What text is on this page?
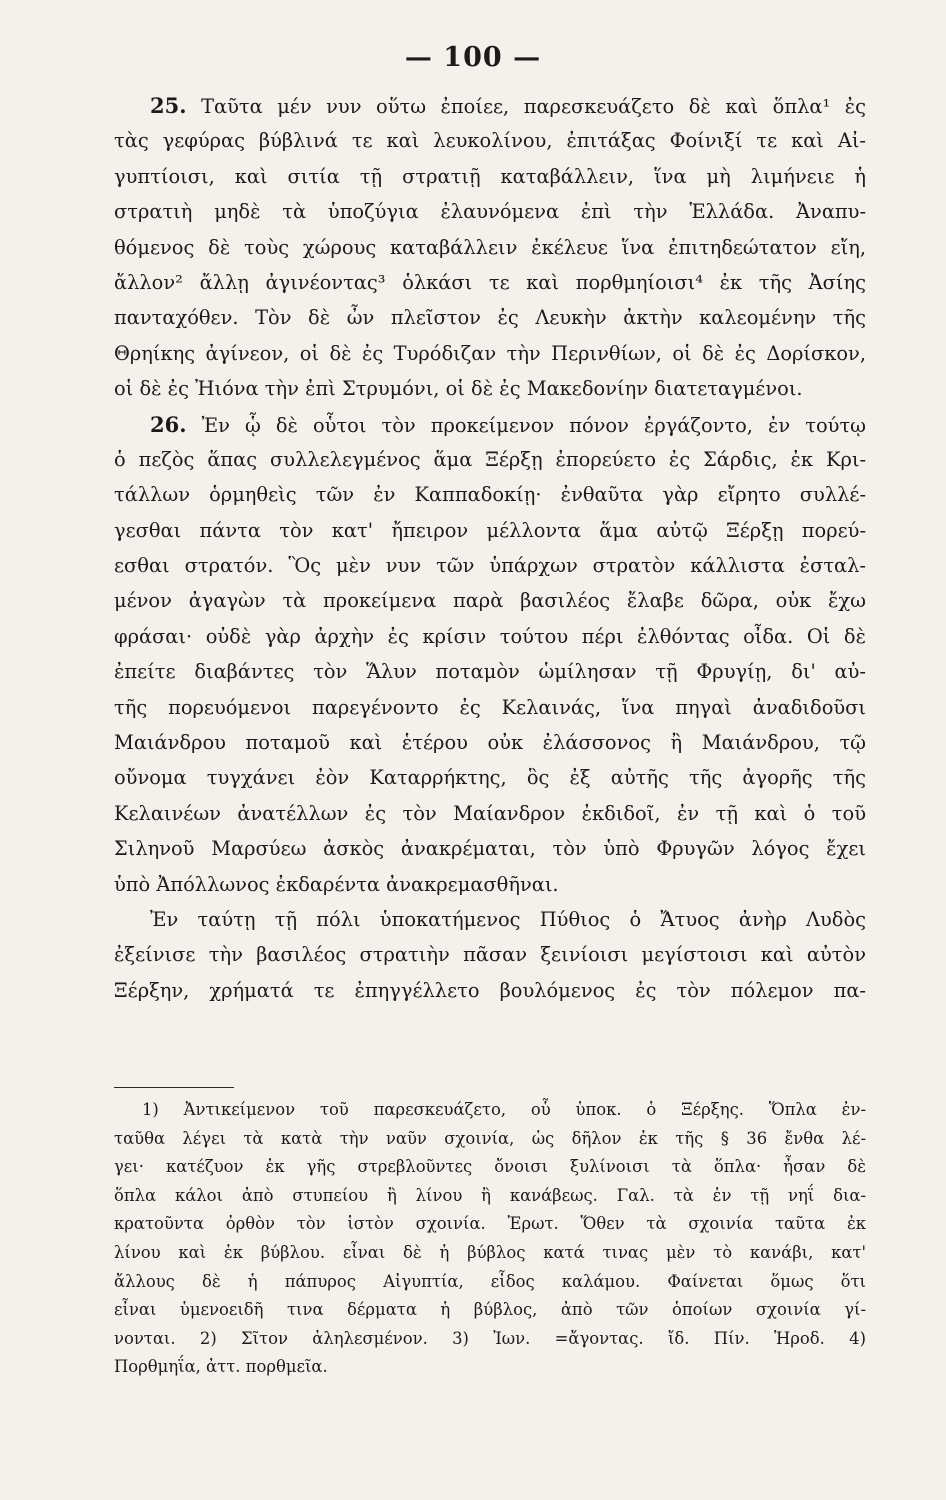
— 100 —
25. Ταῦτα μέν νυν οὕτω ἐποίεε, παρεσκευάζετο δὲ καὶ ὅπλα¹ ἐς
τὰς γεφύρας βύβλινά τε καὶ λευκολίνου, ἐπιτάξας Φοίνιξί τε καὶ Αἰ-
γυπτίοισι, καὶ σιτία τῇ στρατιῇ καταβάλλειν, ἵνα μὴ λιμήνειε ἡ
στρατιὴ μηδὲ τὰ ὑποζύγια ἐλαυνόμενα ἐπὶ τὴν Ἑλλάδα. Ἀναπυ-
θόμενος δὲ τοὺς χώρους καταβάλλειν ἐκέλευε ἵνα ἐπιτηδεώτατον εἴη,
ἄλλον² ἄλλῃ ἀγινέοντας³ ὁλκάσι τε καὶ πορθμηίοισι⁴ ἐκ τῆς Ἀσίης
πανταχόθεν. Τὸν δὲ ὦν πλεῖστον ἐς Λευκὴν ἀκτὴν καλεομένην τῆς
Θρηίκης ἀγίνεον, οἱ δὲ ἐς Τυρόδιζαν τὴν Περινθίων, οἱ δὲ ἐς Δορίσκον,
οἱ δὲ ἐς Ἠιόνα τὴν ἐπὶ Στρυμόνι, οἱ δὲ ἐς Μακεδονίην διατεταγμένοι.
26. Ἐν ᾧ δὲ οὗτοι τὸν προκείμενον πόνον ἐργάζοντο, ἐν τούτῳ
ὁ πεζὸς ἅπας συλλελεγμένος ἅμα Ξέρξῃ ἐπορεύετο ἐς Σάρδις, ἐκ Κρι-
τάλλων ὁρμηθεὶς τῶν ἐν Καππαδοκίῃ· ἐνθαῦτα γὰρ εἴρητο συλλέ-
γεσθαι πάντα τὸν κατ' ἤπειρον μέλλοντα ἅμα αὐτῷ Ξέρξῃ πορεύ-
εσθαι στρατόν. Ὃς μὲν νυν τῶν ὑπάρχων στρατὸν κάλλιστα ἐσταλ-
μένον ἀγαγὼν τὰ προκείμενα παρὰ βασιλέος ἔλαβε δῶρα, οὐκ ἔχω
φράσαι· οὐδὲ γὰρ ἀρχὴν ἐς κρίσιν τούτου πέρι ἐλθόντας οἶδα. Οἱ δὲ
ἐπείτε διαβάντες τὸν Ἅλυν ποταμὸν ὡμίλησαν τῇ Φρυγίῃ, δι' αὐ-
τῆς πορευόμενοι παρεγένοντο ἐς Κελαινάς, ἵνα πηγαὶ ἀναδιδοῦσι
Μαιάνδρου ποταμοῦ καὶ ἑτέρου οὐκ ἐλάσσονος ἢ Μαιάνδρου, τῷ
οὔνομα τυγχάνει ἐὸν Καταρρήκτης, ὃς ἐξ αὐτῆς τῆς ἀγορῆς τῆς
Κελαινέων ἀνατέλλων ἐς τὸν Μαίανδρον ἐκδιδοῖ, ἐν τῇ καὶ ὁ τοῦ
Σιληνοῦ Μαρσύεω ἀσκὸς ἀνακρέμαται, τὸν ὑπὸ Φρυγῶν λόγος ἔχει
ὑπὸ Ἀπόλλωνος ἐκδαρέντα ἀνακρεμασθῆναι.
Ἐν ταύτῃ τῇ πόλι ὑποκατήμενος Πύθιος ὁ Ἄτυος ἀνὴρ Λυδὸς
ἐξείνισε τὴν βασιλέος στρατιὴν πᾶσαν ξεινίοισι μεγίστοισι καὶ αὐτὸν
Ξέρξην, χρήματά τε ἐπηγγέλλετο βουλόμενος ἐς τὸν πόλεμον πα-
1) Ἀντικείμενον τοῦ παρεσκευάζετο, οὗ ὑποκ. ὁ Ξέρξης. Ὅπλα ἐν-
ταῦθα λέγει τὰ κατὰ τὴν ναῦν σχοινία, ὡς δῆλον ἐκ τῆς § 36 ἔνθα λέ-
γει· κατέζυον ἐκ γῆς στρεβλοῦντες ὄνοισι ξυλίνοισι τὰ ὅπλα· ἦσαν δὲ
ὅπλα κάλοι ἀπὸ στυπείου ἢ λίνου ἢ κανάβεως. Γαλ. τὰ ἐν τῇ νηΐ δια-
κρατοῦντα ὀρθὸν τὸν ἱστὸν σχοινία. Ἐρωτ. Ὅθεν τὰ σχοινία ταῦτα ἐκ
λίνου καὶ ἐκ βύβλου. εἶναι δὲ ἡ βύβλος κατά τινας μὲν τὸ κανάβι, κατ'
ἄλλους δὲ ἡ πάπυρος Αἰγυπτία, εἶδος καλάμου. Φαίνεται ὅμως ὅτι
εἶναι ὑμενοειδῆ τινα δέρματα ἡ βύβλος, ἀπὸ τῶν ὁποίων σχοινία γί-
νονται. 2) Σῖτον ἀληλεσμένον. 3) Ἰων. =ἄγοντας. ἴδ. Πίν. Ἡροδ. 4)
Πορθμηΐα, ἀττ. πορθμεῖα.
